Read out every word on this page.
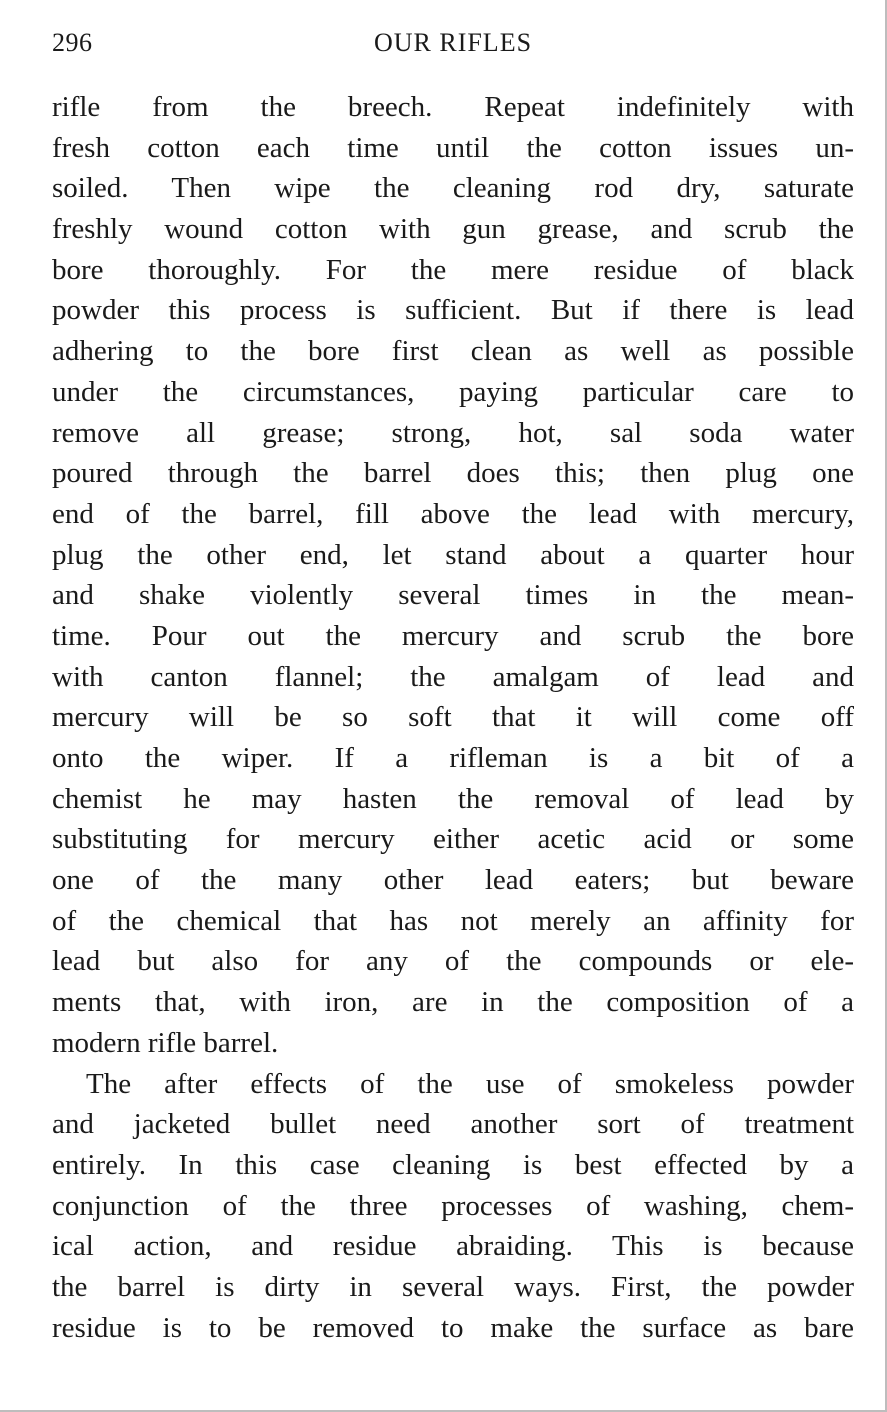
296	OUR RIFLES
rifle from the breech. Repeat indefinitely with
fresh cotton each time until the cotton issues un-
soiled. Then wipe the cleaning rod dry, saturate
freshly wound cotton with gun grease, and scrub the
bore thoroughly. For the mere residue of black
powder this process is sufficient. But if there is lead
adhering to the bore first clean as well as possible
under the circumstances, paying particular care to
remove all grease; strong, hot, sal soda water
poured through the barrel does this; then plug one
end of the barrel, fill above the lead with mercury,
plug the other end, let stand about a quarter hour
and shake violently several times in the mean-
time. Pour out the mercury and scrub the bore
with canton flannel; the amalgam of lead and
mercury will be so soft that it will come off
onto the wiper. If a rifleman is a bit of a
chemist he may hasten the removal of lead by
substituting for mercury either acetic acid or some
one of the many other lead eaters; but beware
of the chemical that has not merely an affinity for
lead but also for any of the compounds or ele-
ments that, with iron, are in the composition of a
modern rifle barrel.
The after effects of the use of smokeless powder
and jacketed bullet need another sort of treatment
entirely. In this case cleaning is best effected by a
conjunction of the three processes of washing, chem-
ical action, and residue abraiding. This is because
the barrel is dirty in several ways. First, the powder
residue is to be removed to make the surface as bare
